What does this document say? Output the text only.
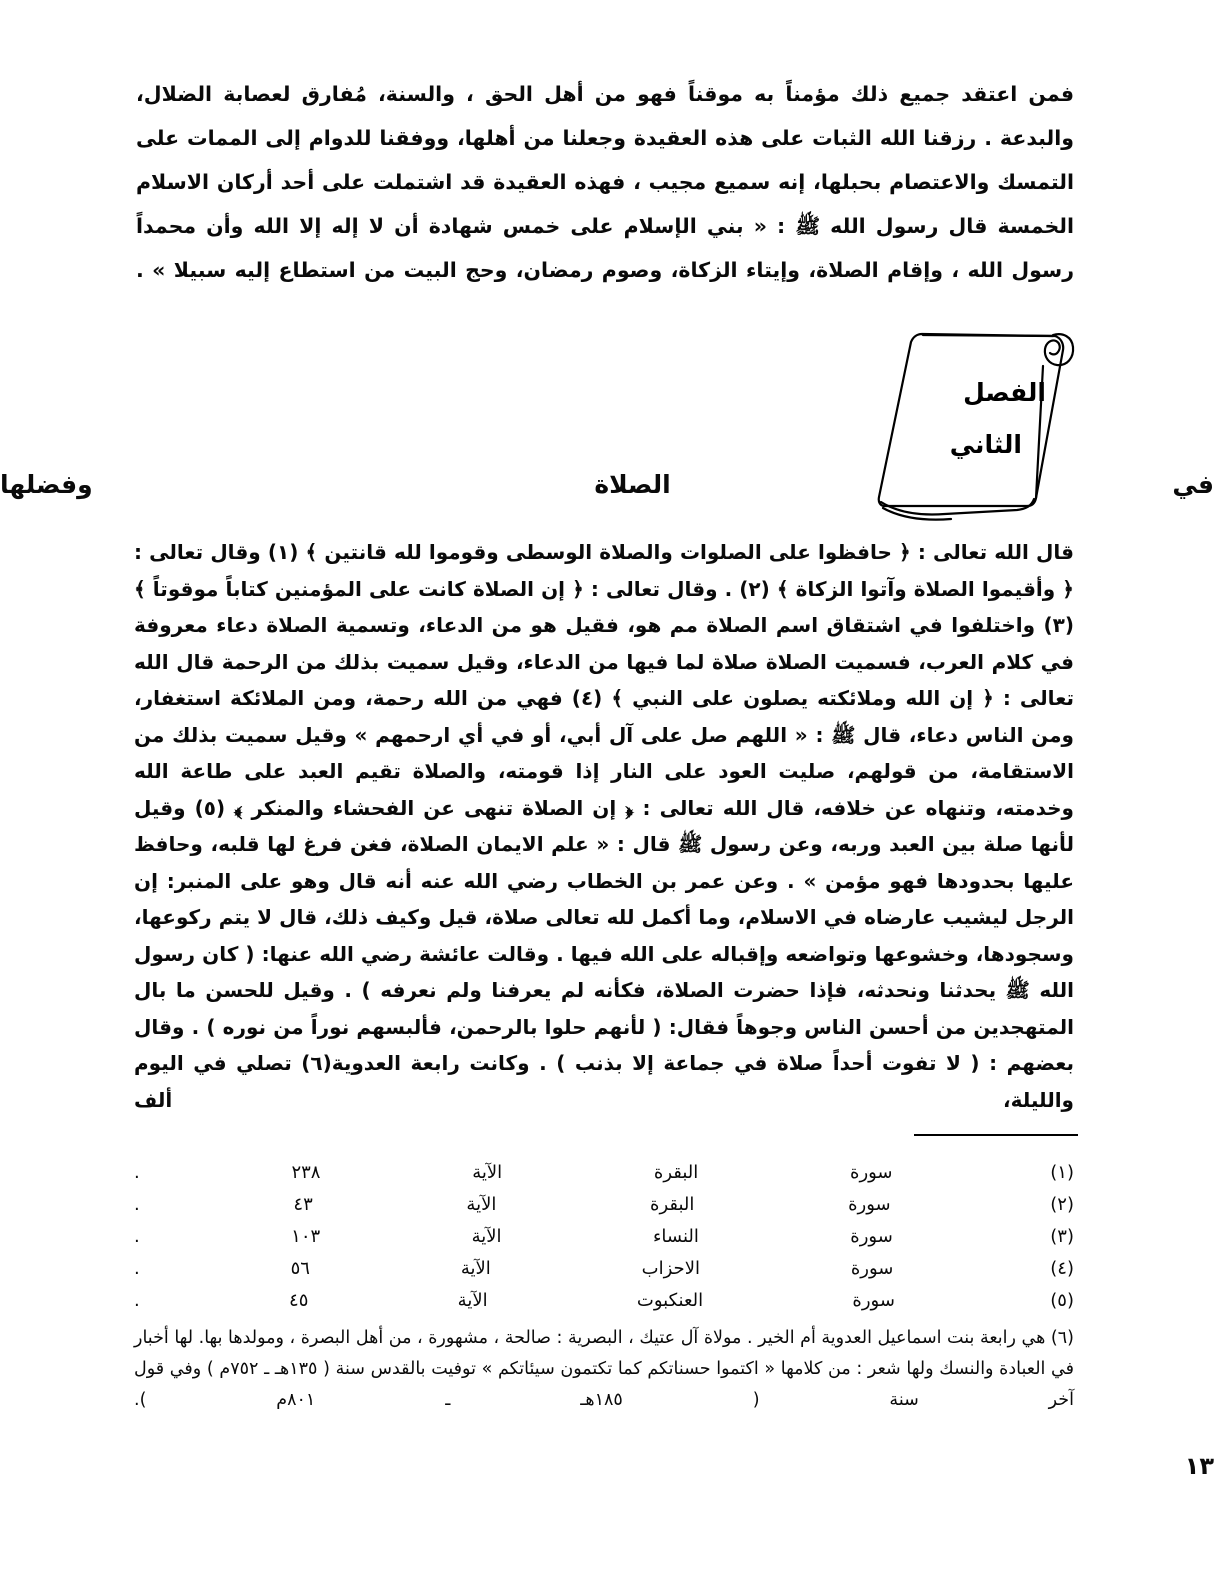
فمن اعتقد جميع ذلك مؤمناً به موقناً فهو من أهل الحق ، والسنة، مُفارق لعصابة الضلال، والبدعة . رزقنا الله الثبات على هذه العقيدة وجعلنا من أهلها، ووفقنا للدوام إلى الممات على التمسك والاعتصام بحبلها، إنه سميع مجيب ، فهذه العقيدة قد اشتملت على أحد أركان الاسلام الخمسة قال رسول الله ﷺ : « بني الإسلام على خمس شهادة أن لا إله إلا الله وأن محمداً رسول الله ، وإقام الصلاة، وإيتاء الزكاة، وصوم رمضان، وحج البيت من استطاع إليه سبيلا » .

الفصل
الثاني
في الصلاة وفضلها

قال الله تعالى : ﴿ حافظوا على الصلوات والصلاة الوسطى وقوموا لله قانتين ﴾ (١) وقال تعالى : ﴿ وأقيموا الصلاة وآتوا الزكاة ﴾ (٢) . وقال تعالى : ﴿ إن الصلاة كانت على المؤمنين كتاباً موقوتاً ﴾ (٣) واختلفوا في اشتقاق اسم الصلاة مم هو، فقيل هو من الدعاء، وتسمية الصلاة دعاء معروفة في كلام العرب، فسميت الصلاة صلاة لما فيها من الدعاء، وقيل سميت بذلك من الرحمة قال الله تعالى : ﴿ إن الله وملائكته يصلون على النبي ﴾ (٤) فهي من الله رحمة، ومن الملائكة استغفار، ومن الناس دعاء، قال ﷺ : « اللهم صل على آل أبي، أو في أي ارحمهم » وقيل سميت بذلك من الاستقامة، من قولهم، صليت العود على النار إذا قومته، والصلاة تقيم العبد على طاعة الله وخدمته، وتنهاه عن خلافه، قال الله تعالى : ﴿ إن الصلاة تنهى عن الفحشاء والمنكر ﴾ (٥) وقيل لأنها صلة بين العبد وربه، وعن رسول ﷺ قال : « علم الايمان الصلاة، فغن فرغ لها قلبه، وحافظ عليها بحدودها فهو مؤمن » . وعن عمر بن الخطاب رضي الله عنه أنه قال وهو على المنبر: إن الرجل ليشيب عارضاه في الاسلام، وما أكمل لله تعالى صلاة، قيل وكيف ذلك، قال لا يتم ركوعها، وسجودها، وخشوعها وتواضعه وإقباله على الله فيها . وقالت عائشة رضي الله عنها: ( كان رسول الله ﷺ يحدثنا ونحدثه، فإذا حضرت الصلاة، فكأنه لم يعرفنا ولم نعرفه ) . وقيل للحسن ما بال المتهجدين من أحسن الناس وجوهاً فقال: ( لأنهم حلوا بالرحمن، فألبسهم نوراً من نوره ) . وقال بعضهم : ( لا تفوت أحداً صلاة في جماعة إلا بذنب ) . وكانت رابعة العدوية(٦) تصلي في اليوم والليلة، ألف

(١) سورة البقرة الآية ٢٣٨ .
(٢) سورة البقرة الآية ٤٣ .
(٣) سورة النساء الآية ١٠٣ .
(٤) سورة الاحزاب الآية ٥٦ .
(٥) سورة العنكبوت الآية ٤٥ .
(٦) هي رابعة بنت اسماعيل العدوية أم الخير . مولاة آل عتيك ، البصرية : صالحة ، مشهورة ، من أهل البصرة ، ومولدها بها. لها أخبار في العبادة والنسك ولها شعر : من كلامها « اكتموا حسناتكم كما تكتمون سيئاتكم » توفيت بالقدس سنة ( ١٣٥هـ ـ ٧٥٢م ) وفي قول آخر سنة ( ١٨٥هـ ـ ٨٠١م ).
١٣
